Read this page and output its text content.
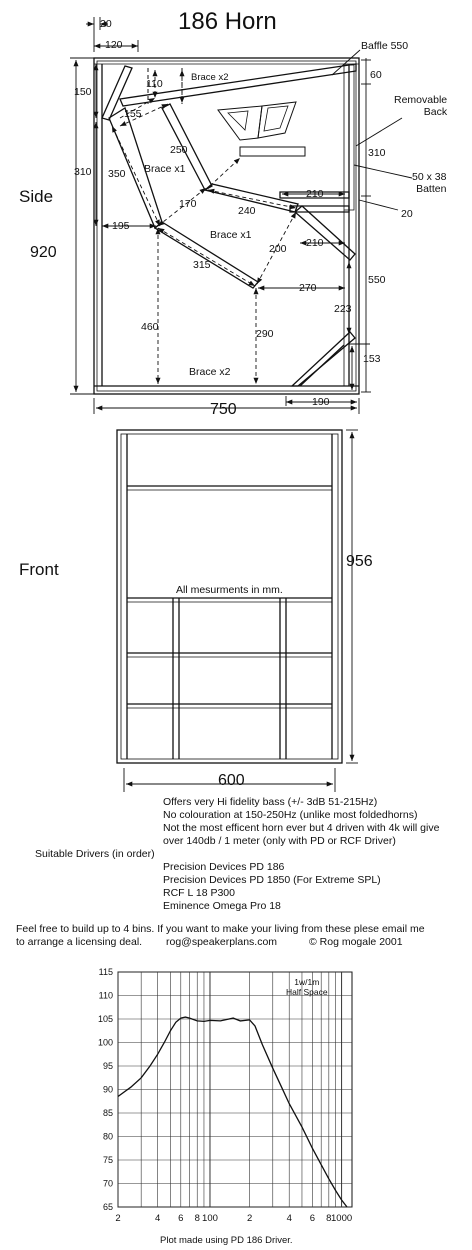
65
70
75
80
85
90
95
100
105
110
115
2	4 6 8 100	2	4 6 8 1000
186 Horn
Side
Front
20
120	Baffle 550
60
Removable
Back
150
110
Brace x2
155
250
310 350 Brace x1
310
50 x 38
Batten
170
210
20
920
195
240
Brace x1
200 210
550
315
270
223
460
290
153
Brace x2
190
750
956
All mesurments in mm.
600
Offers very Hi fidelity bass (+/- 3dB 51-215Hz)
No colouration at 150-250Hz (unlike most foldedhorns)
Not the most efficent horn ever but 4 driven with 4k will give
over 140db / 1 meter (only with PD or RCF Driver)
Suitable Drivers (in order)
Precision Devices PD 186
Precision Devices PD 1850 (For Extreme SPL)
RCF L 18 P300
Eminence Omega Pro 18
Feel free to build up to 4 bins. If you want to make your living from these plese email me
to arrange a licensing deal. rog@speakerplans.com	© Rog mogale 2001
1w/1m
Half Space
Plot made using PD 186 Driver.
